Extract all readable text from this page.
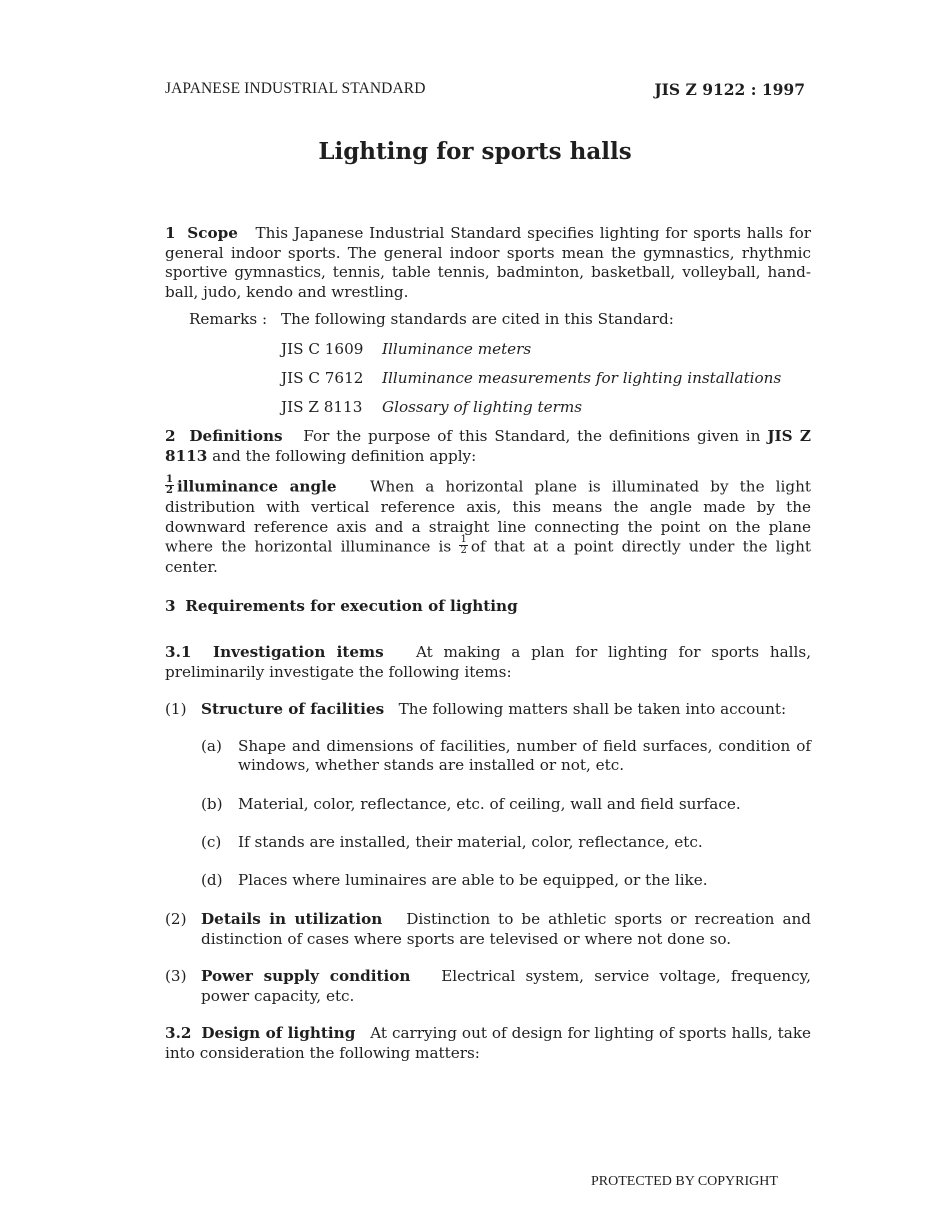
JAPANESE INDUSTRIAL STANDARD	JIS Z 9122 : 1997
Lighting for sports halls

1 Scope This Japanese Industrial Standard specifies lighting for sports halls for general indoor sports. The general indoor sports mean the gymnastics, rhythmic sportive gymnastics, tennis, table tennis, badminton, basketball, volleyball, hand-ball, judo, kendo and wrestling.

Remarks : The following standards are cited in this Standard:
JIS C 1609	Illuminance meters
JIS C 7612	Illuminance measurements for lighting installations
JIS Z 8113	Glossary of lighting terms

2 Definitions For the purpose of this Standard, the definitions given in JIS Z 8113 and the following definition apply:

$\frac{1}{2}$ illuminance angle When a horizontal plane is illuminated by the light distribution with vertical reference axis, this means the angle made by the downward reference axis and a straight line connecting the point on the plane where the horizontal illuminance is $\frac{1}{2}$ of that at a point directly under the light center.

3 Requirements for execution of lighting

3.1 Investigation items At making a plan for lighting for sports halls, preliminarily investigate the following items:

(1) Structure of facilities The following matters shall be taken into account:
(a)	Shape and dimensions of facilities, number of field surfaces, condition of windows, whether stands are installed or not, etc.
(b)	Material, color, reflectance, etc. of ceiling, wall and field surface.
(c)	If stands are installed, their material, color, reflectance, etc.
(d)	Places where luminaires are able to be equipped, or the like.
(2) Details in utilization Distinction to be athletic sports or recreation and distinction of cases where sports are televised or where not done so.
(3) Power supply condition Electrical system, service voltage, frequency, power capacity, etc.

3.2 Design of lighting At carrying out of design for lighting of sports halls, take into consideration the following matters:

PROTECTED BY COPYRIGHT
